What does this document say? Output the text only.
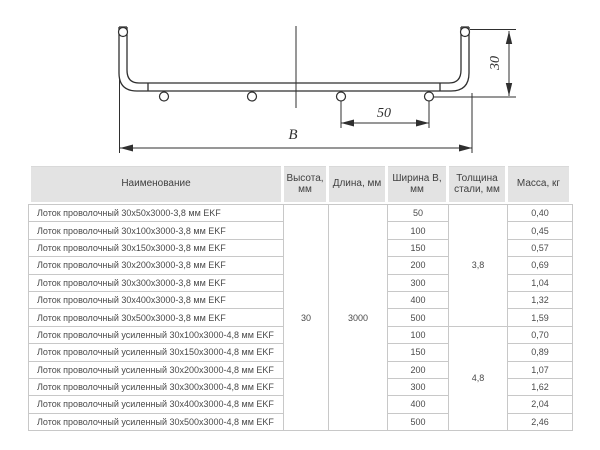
B
50
30
Наименование	Высота, мм	Длина, мм	Ширина В, мм	Толщина стали, мм	Масса, кг
Лоток проволочный 30х50х3000-3,8 мм EKF	30	3000	50	3,8	0,40
Лоток проволочный 30х100х3000-3,8 мм EKF			100		0,45
Лоток проволочный 30х150х3000-3,8 мм EKF			150		0,57
Лоток проволочный 30х200х3000-3,8 мм EKF			200		0,69
Лоток проволочный 30х300х3000-3,8 мм EKF			300		1,04
Лоток проволочный 30х400х3000-3,8 мм EKF			400		1,32
Лоток проволочный 30х500х3000-3,8 мм EKF			500		1,59
Лоток проволочный усиленный 30х100х3000-4,8 мм EKF			100	4,8	0,70
Лоток проволочный усиленный 30х150х3000-4,8 мм EKF			150		0,89
Лоток проволочный усиленный 30х200х3000-4,8 мм EKF			200		1,07
Лоток проволочный усиленный 30х300х3000-4,8 мм EKF			300		1,62
Лоток проволочный усиленный 30х400х3000-4,8 мм EKF			400		2,04
Лоток проволочный усиленный 30х500х3000-4,8 мм EKF			500		2,46
